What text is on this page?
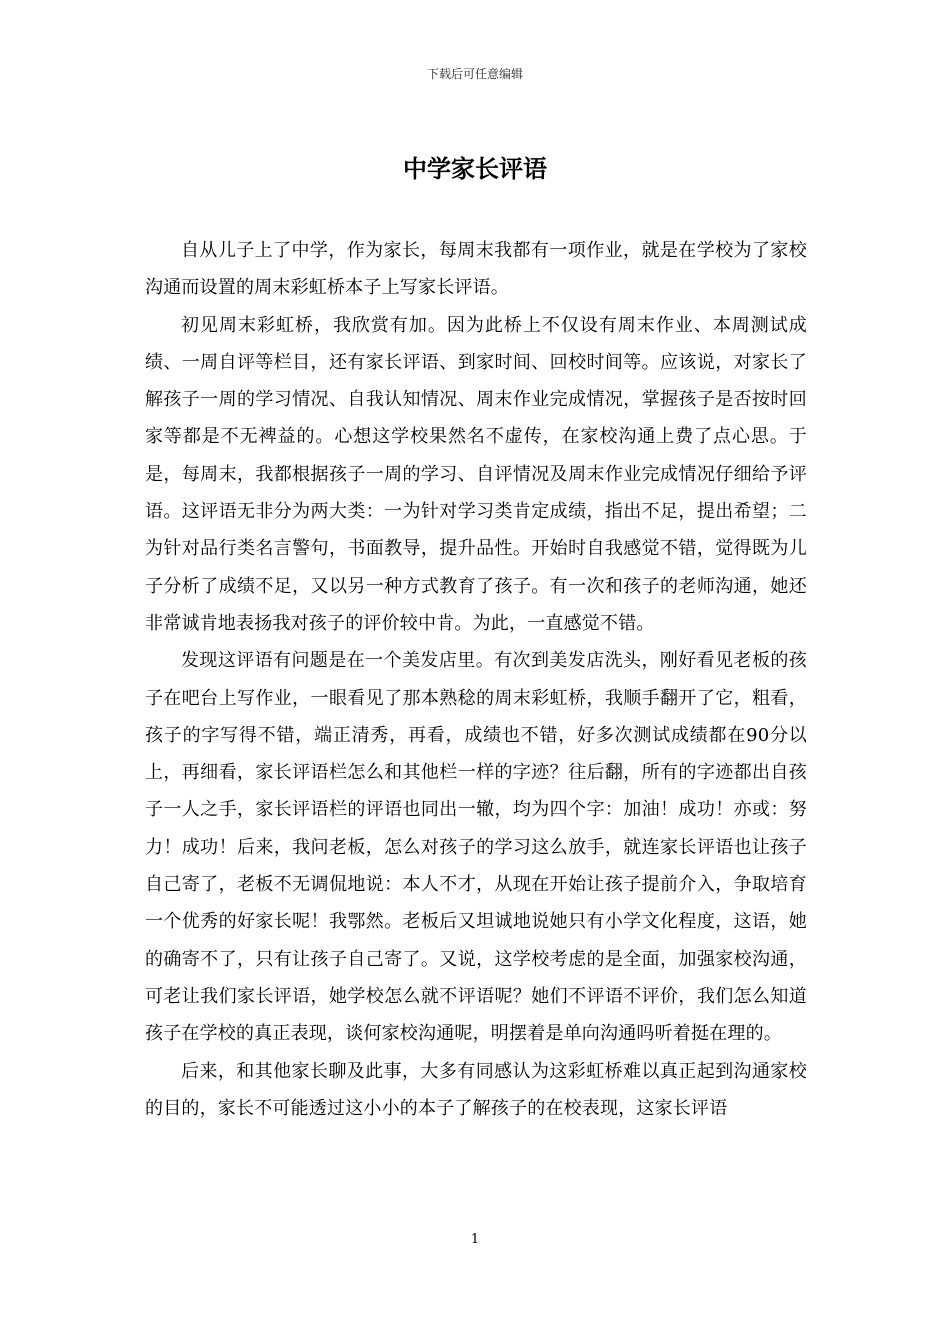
下载后可任意编辑
中学家长评语

自从儿子上了中学，作为家长，每周末我都有一项作业，就是在学校为了家校沟通而设置的周末彩虹桥本子上写家长评语。

初见周末彩虹桥，我欣赏有加。因为此桥上不仅设有周末作业、本周测试成绩、一周自评等栏目，还有家长评语、到家时间、回校时间等。应该说，对家长了解孩子一周的学习情况、自我认知情况、周末作业完成情况，掌握孩子是否按时回家等都是不无裨益的。心想这学校果然名不虚传，在家校沟通上费了点心思。于是，每周末，我都根据孩子一周的学习、自评情况及周末作业完成情况仔细给予评语。这评语无非分为两大类：一为针对学习类肯定成绩，指出不足，提出希望；二为针对品行类名言警句，书面教导，提升品性。开始时自我感觉不错，觉得既为儿子分析了成绩不足，又以另一种方式教育了孩子。有一次和孩子的老师沟通，她还非常诚肯地表扬我对孩子的评价较中肯。为此，一直感觉不错。

发现这评语有问题是在一个美发店里。有次到美发店洗头，刚好看见老板的孩子在吧台上写作业，一眼看见了那本熟稔的周末彩虹桥，我顺手翻开了它，粗看，孩子的字写得不错，端正清秀，再看，成绩也不错，好多次测试成绩都在90分以上，再细看，家长评语栏怎么和其他栏一样的字迹？往后翻，所有的字迹都出自孩子一人之手，家长评语栏的评语也同出一辙，均为四个字：加油！成功！亦或：努力！成功！后来，我问老板，怎么对孩子的学习这么放手，就连家长评语也让孩子自己寄了，老板不无调侃地说：本人不才，从现在开始让孩子提前介入，争取培育一个优秀的好家长呢！我鄂然。老板后又坦诚地说她只有小学文化程度，这语，她的确寄不了，只有让孩子自己寄了。又说，这学校考虑的是全面，加强家校沟通，可老让我们家长评语，她学校怎么就不评语呢？她们不评语不评价，我们怎么知道孩子在学校的真正表现，谈何家校沟通呢，明摆着是单向沟通吗听着挺在理的。

后来，和其他家长聊及此事，大多有同感认为这彩虹桥难以真正起到沟通家校的目的，家长不可能透过这小小的本子了解孩子的在校表现，这家长评语

1
